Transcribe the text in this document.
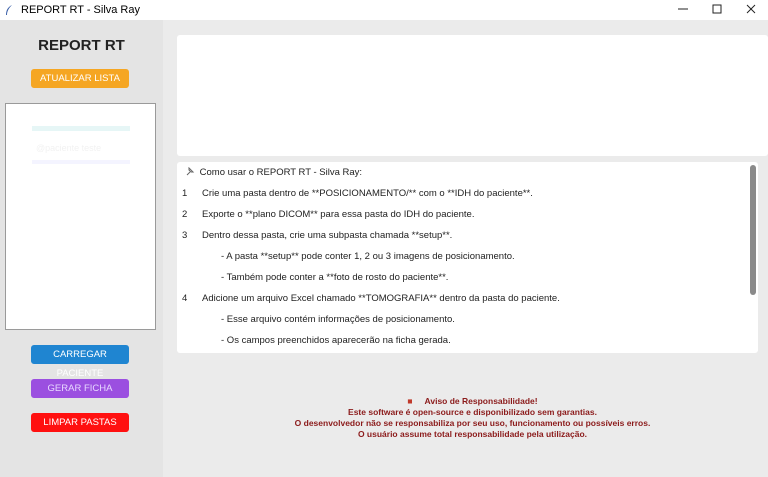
REPORT RT - Silva Ray
REPORT RT
ATUALIZAR LISTA
@paciente teste
CARREGAR PACIENTE
GERAR FICHA
LIMPAR PASTAS
Como usar o REPORT RT - Silva Ray:
1 Crie uma pasta dentro de **POSICIONAMENTO/** com o **IDH do paciente**.
2 Exporte o **plano DICOM** para essa pasta do IDH do paciente.
3 Dentro dessa pasta, crie uma subpasta chamada **setup**.
- A pasta **setup** pode conter 1, 2 ou 3 imagens de posicionamento.
- Também pode conter a **foto de rosto do paciente**.
4 Adicione um arquivo Excel chamado **TOMOGRAFIA** dentro da pasta do paciente.
- Esse arquivo contém informações de posicionamento.
- Os campos preenchidos aparecerão na ficha gerada.
■ Aviso de Responsabilidade!
Este software é open-source e disponibilizado sem garantias.
O desenvolvedor não se responsabiliza por seu uso, funcionamento ou possíveis erros.
O usuário assume total responsabilidade pela utilização.
